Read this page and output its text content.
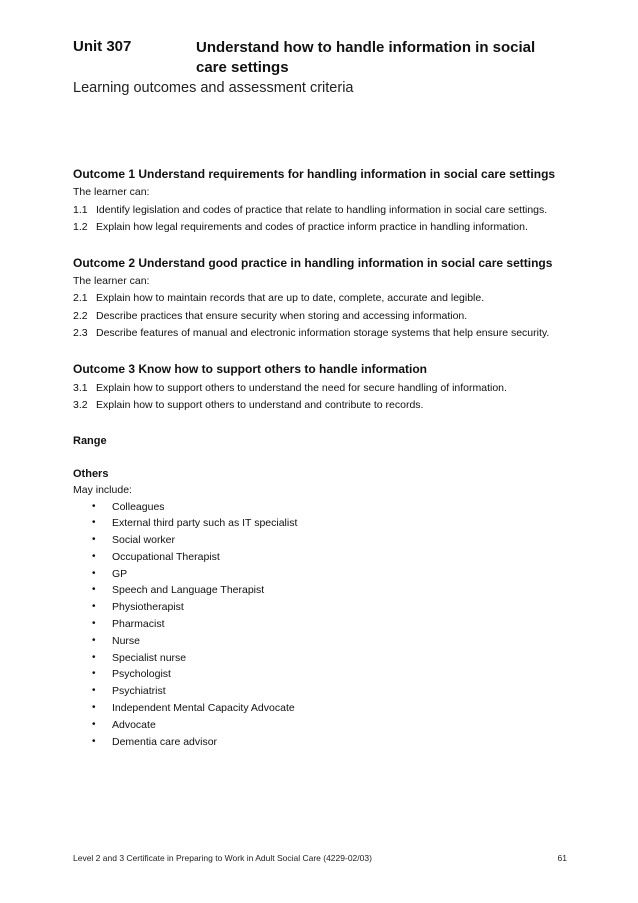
Unit 307	Understand how to handle information in social care settings
Learning outcomes and assessment criteria

Outcome 1 Understand requirements for handling information in social care settings

The learner can:

1.1 Identify legislation and codes of practice that relate to handling information in social care settings.
1.2 Explain how legal requirements and codes of practice inform practice in handling information.

Outcome 2 Understand good practice in handling information in social care settings

The learner can:

2.1 Explain how to maintain records that are up to date, complete, accurate and legible.
2.2 Describe practices that ensure security when storing and accessing information.
2.3 Describe features of manual and electronic information storage systems that help ensure security.

Outcome 3 Know how to support others to handle information

3.1 Explain how to support others to understand the need for secure handling of information.
3.2 Explain how to support others to understand and contribute to records.

Range

Others

May include:

• Colleagues
• External third party such as IT specialist
• Social worker
• Occupational Therapist
• GP
• Speech and Language Therapist
• Physiotherapist
• Pharmacist
• Nurse
• Specialist nurse
• Psychologist
• Psychiatrist
• Independent Mental Capacity Advocate
• Advocate
• Dementia care advisor
Level 2 and 3 Certificate in Preparing to Work in Adult Social Care (4229-02/03)	61
